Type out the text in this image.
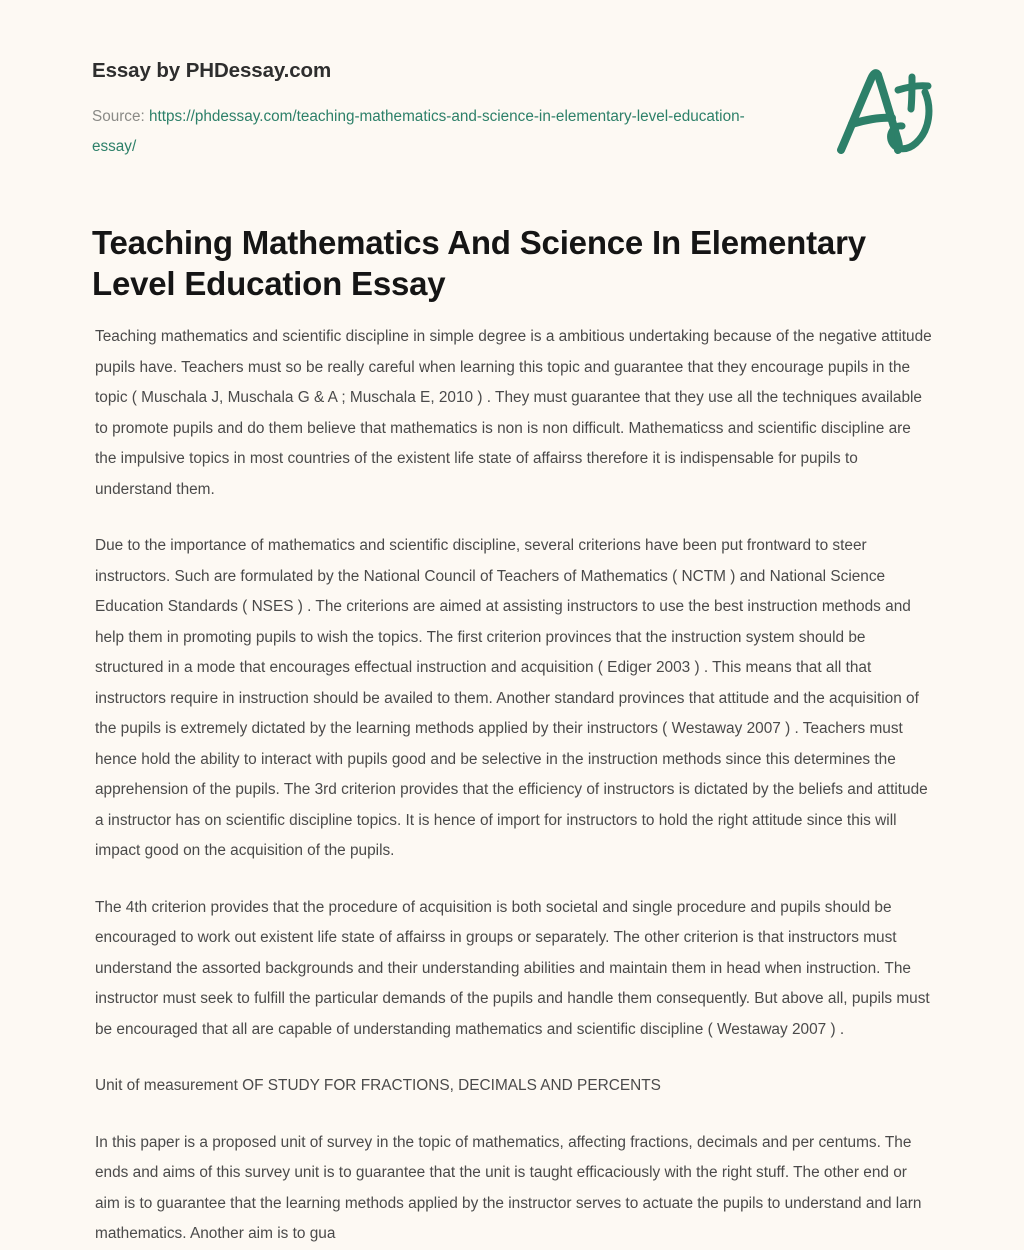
Essay by PHDessay.com
Source: https://phdessay.com/teaching-mathematics-and-science-in-elementary-level-education-essay/
Teaching Mathematics And Science In Elementary Level Education Essay

Teaching mathematics and scientific discipline in simple degree is a ambitious undertaking because of the negative attitude pupils have. Teachers must so be really careful when learning this topic and guarantee that they encourage pupils in the topic ( Muschala J, Muschala G & A ; Muschala E, 2010 ) . They must guarantee that they use all the techniques available to promote pupils and do them believe that mathematics is non is non difficult. Mathematicss and scientific discipline are the impulsive topics in most countries of the existent life state of affairss therefore it is indispensable for pupils to understand them.

Due to the importance of mathematics and scientific discipline, several criterions have been put frontward to steer instructors. Such are formulated by the National Council of Teachers of Mathematics ( NCTM ) and National Science Education Standards ( NSES ) . The criterions are aimed at assisting instructors to use the best instruction methods and help them in promoting pupils to wish the topics. The first criterion provinces that the instruction system should be structured in a mode that encourages effectual instruction and acquisition ( Ediger 2003 ) . This means that all that instructors require in instruction should be availed to them. Another standard provinces that attitude and the acquisition of the pupils is extremely dictated by the learning methods applied by their instructors ( Westaway 2007 ) . Teachers must hence hold the ability to interact with pupils good and be selective in the instruction methods since this determines the apprehension of the pupils. The 3rd criterion provides that the efficiency of instructors is dictated by the beliefs and attitude a instructor has on scientific discipline topics. It is hence of import for instructors to hold the right attitude since this will impact good on the acquisition of the pupils.

The 4th criterion provides that the procedure of acquisition is both societal and single procedure and pupils should be encouraged to work out existent life state of affairss in groups or separately. The other criterion is that instructors must understand the assorted backgrounds and their understanding abilities and maintain them in head when instruction. The instructor must seek to fulfill the particular demands of the pupils and handle them consequently. But above all, pupils must be encouraged that all are capable of understanding mathematics and scientific discipline ( Westaway 2007 ) .

Unit of measurement OF STUDY FOR FRACTIONS, DECIMALS AND PERCENTS

In this paper is a proposed unit of survey in the topic of mathematics, affecting fractions, decimals and per centums. The ends and aims of this survey unit is to guarantee that the unit is taught efficaciously with the right stuff. The other end or aim is to guarantee that the learning methods applied by the instructor serves to actuate the pupils to understand and larn mathematics. Another aim is to gua
